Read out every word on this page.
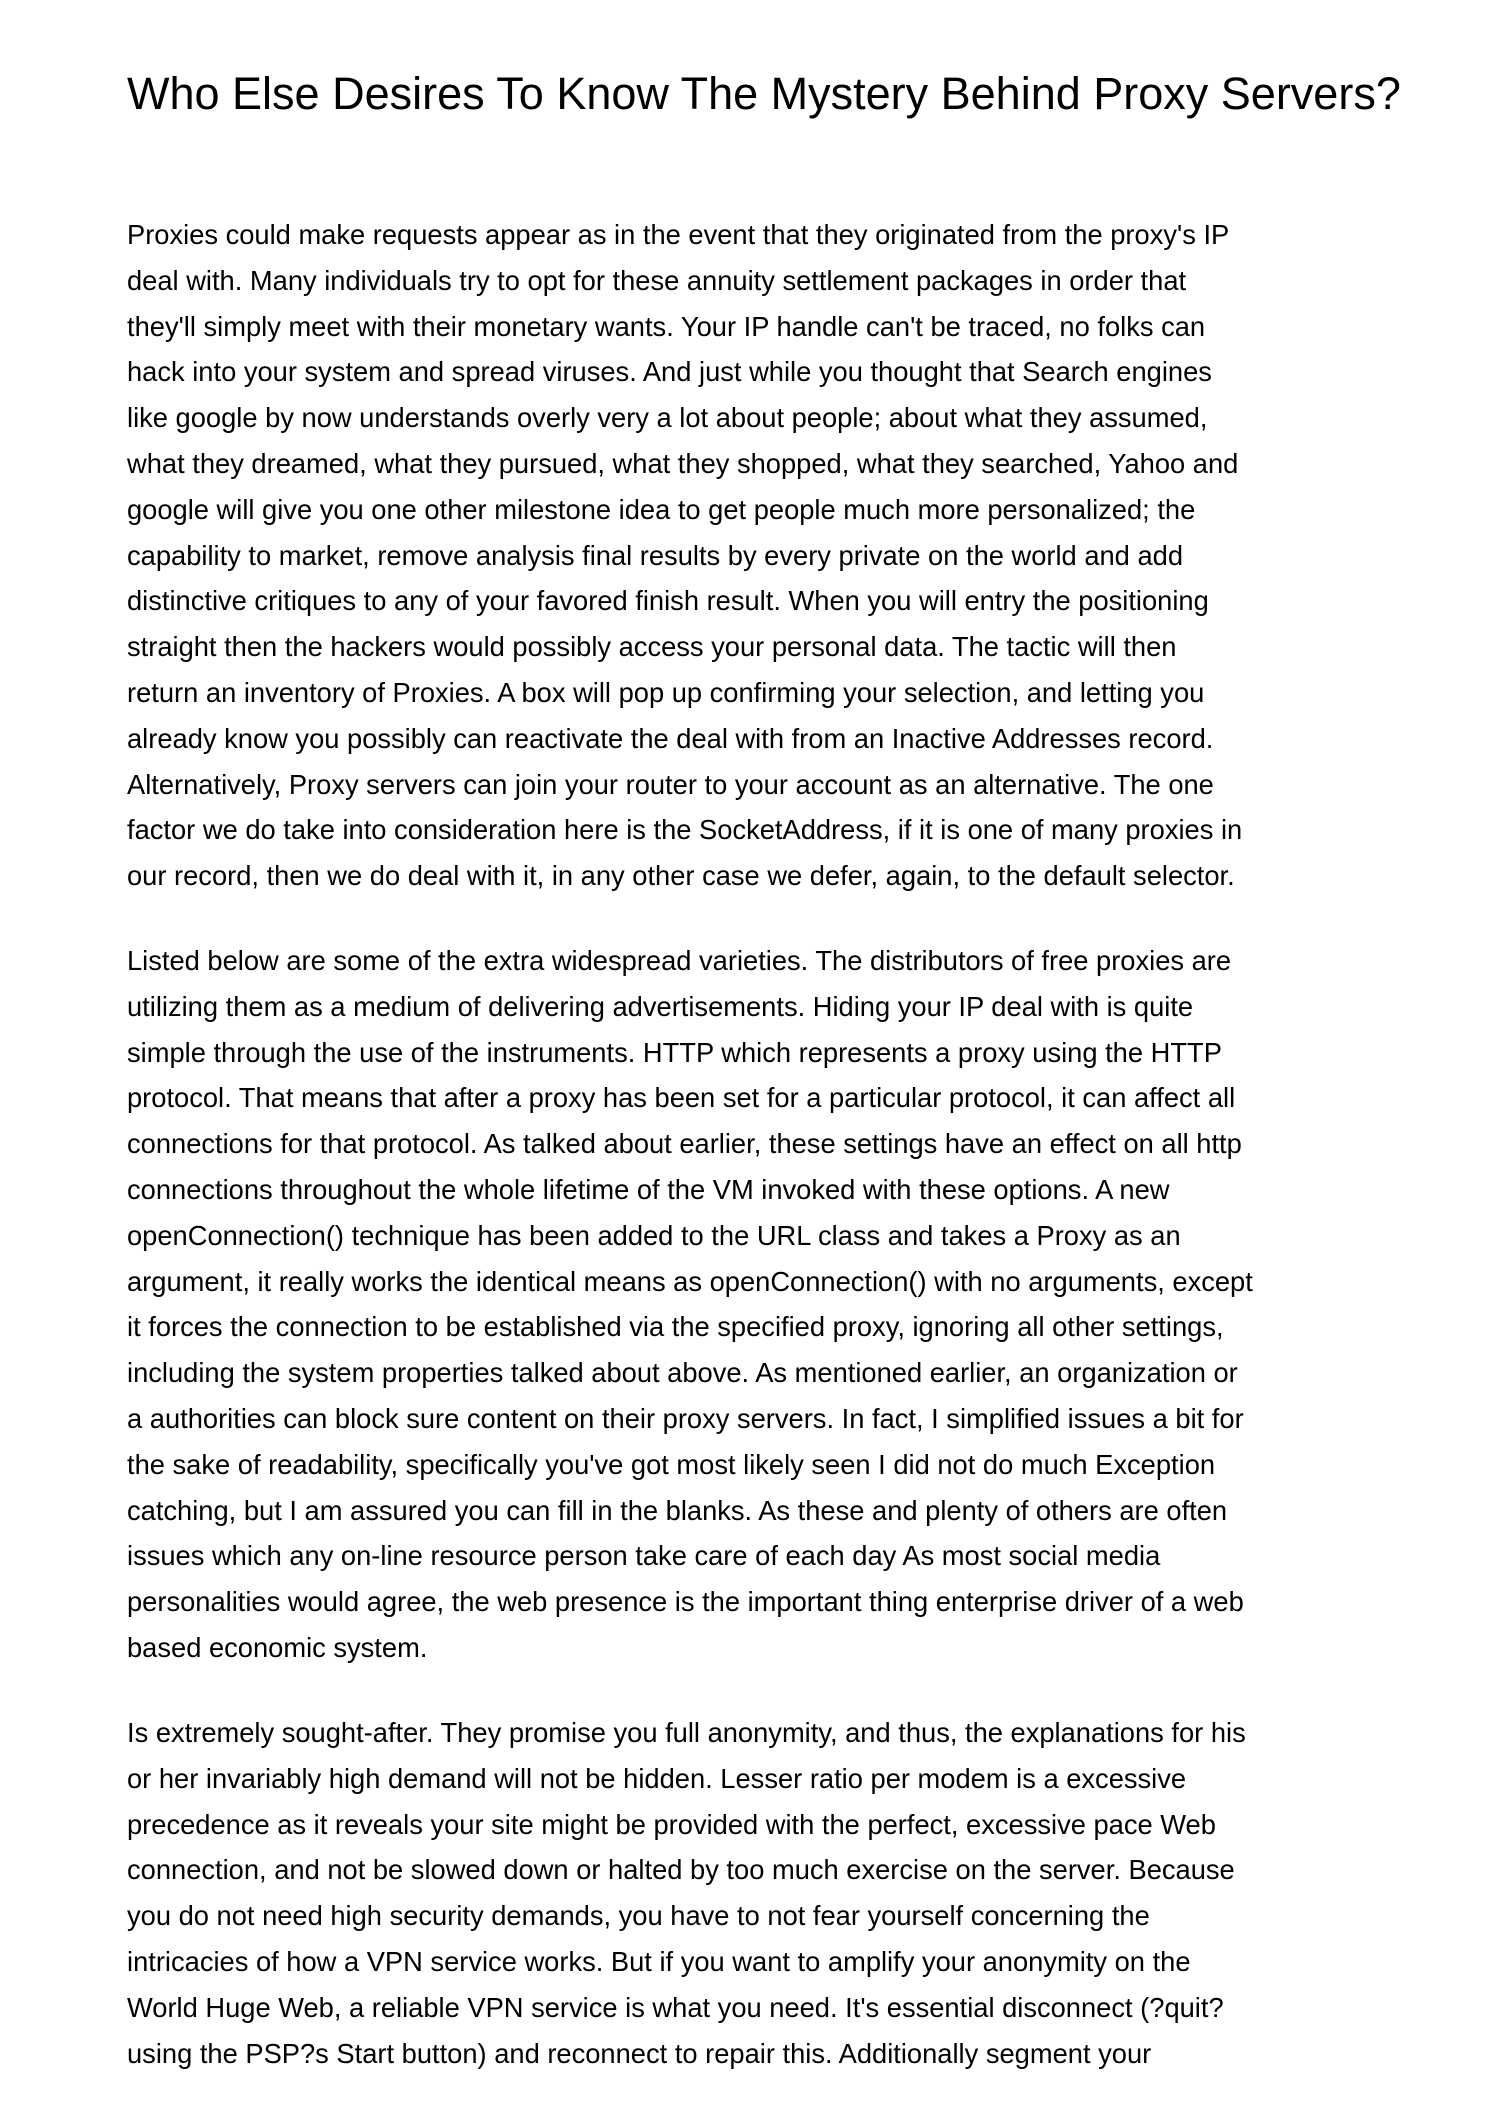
Who Else Desires To Know The Mystery Behind Proxy Servers?
Proxies could make requests appear as in the event that they originated from the proxy's IP
deal with. Many individuals try to opt for these annuity settlement packages in order that
they'll simply meet with their monetary wants. Your IP handle can't be traced, no folks can
hack into your system and spread viruses. And just while you thought that Search engines
like google by now understands overly very a lot about people; about what they assumed,
what they dreamed, what they pursued, what they shopped, what they searched, Yahoo and
google will give you one other milestone idea to get people much more personalized; the
capability to market, remove analysis final results by every private on the world and add
distinctive critiques to any of your favored finish result. When you will entry the positioning
straight then the hackers would possibly access your personal data. The tactic will then
return an inventory of Proxies. A box will pop up confirming your selection, and letting you
already know you possibly can reactivate the deal with from an Inactive Addresses record.
Alternatively, Proxy servers can join your router to your account as an alternative. The one
factor we do take into consideration here is the SocketAddress, if it is one of many proxies in
our record, then we do deal with it, in any other case we defer, again, to the default selector.
Listed below are some of the extra widespread varieties. The distributors of free proxies are
utilizing them as a medium of delivering advertisements. Hiding your IP deal with is quite
simple through the use of the instruments. HTTP which represents a proxy using the HTTP
protocol. That means that after a proxy has been set for a particular protocol, it can affect all
connections for that protocol. As talked about earlier, these settings have an effect on all http
connections throughout the whole lifetime of the VM invoked with these options. A new
openConnection() technique has been added to the URL class and takes a Proxy as an
argument, it really works the identical means as openConnection() with no arguments, except
it forces the connection to be established via the specified proxy, ignoring all other settings,
including the system properties talked about above. As mentioned earlier, an organization or
a authorities can block sure content on their proxy servers. In fact, I simplified issues a bit for
the sake of readability, specifically you've got most likely seen I did not do much Exception
catching, but I am assured you can fill in the blanks. As these and plenty of others are often
issues which any on-line resource person take care of each day As most social media
personalities would agree, the web presence is the important thing enterprise driver of a web
based economic system.
Is extremely sought-after. They promise you full anonymity, and thus, the explanations for his
or her invariably high demand will not be hidden. Lesser ratio per modem is a excessive
precedence as it reveals your site might be provided with the perfect, excessive pace Web
connection, and not be slowed down or halted by too much exercise on the server. Because
you do not need high security demands, you have to not fear yourself concerning the
intricacies of how a VPN service works. But if you want to amplify your anonymity on the
World Huge Web, a reliable VPN service is what you need. It's essential disconnect (?quit?
using the PSP?s Start button) and reconnect to repair this. Additionally segment your
